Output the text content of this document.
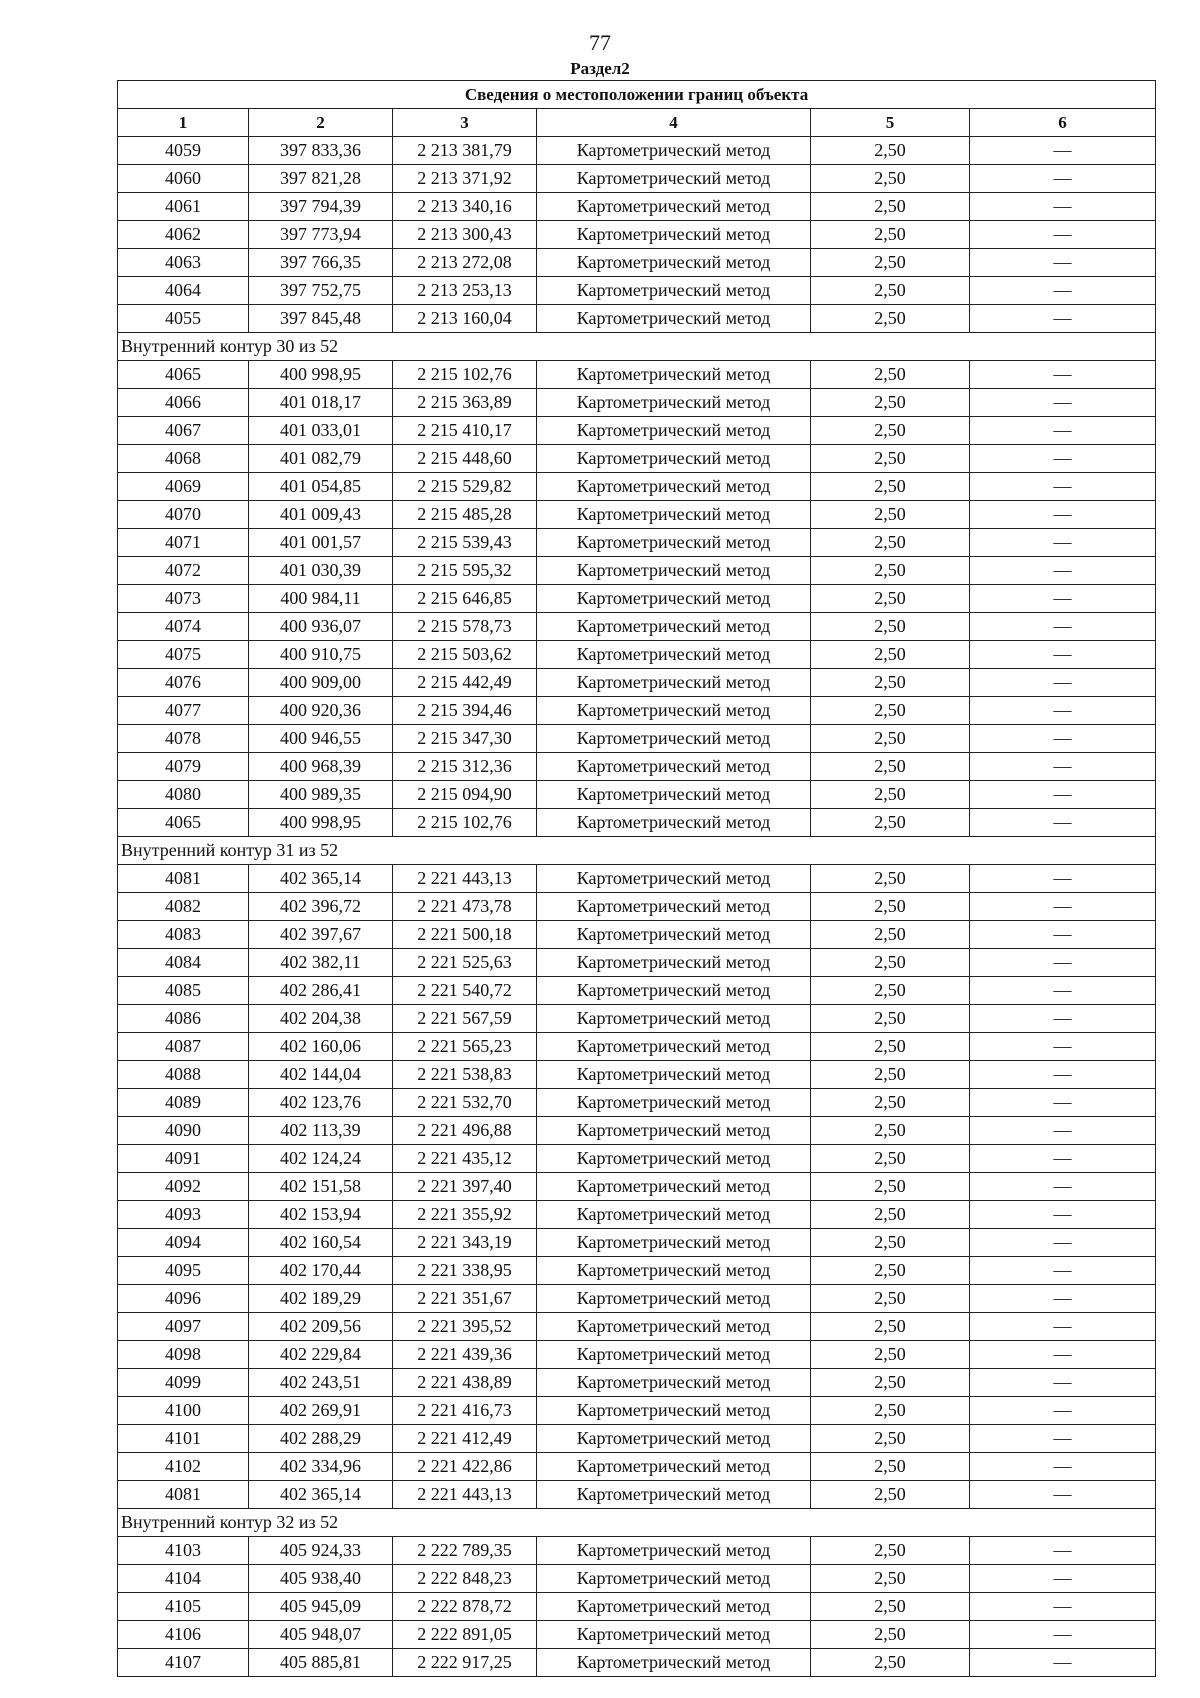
77
Раздел2
Сведения о местоположении границ объекта					
1	2	3	4	5	6
4059	397 833,36	2 213 381,79	Картометрический метод	2,50	—
4060	397 821,28	2 213 371,92	Картометрический метод	2,50	—
4061	397 794,39	2 213 340,16	Картометрический метод	2,50	—
4062	397 773,94	2 213 300,43	Картометрический метод	2,50	—
4063	397 766,35	2 213 272,08	Картометрический метод	2,50	—
4064	397 752,75	2 213 253,13	Картометрический метод	2,50	—
4055	397 845,48	2 213 160,04	Картометрический метод	2,50	—
Внутренний контур 30 из 52					
4065	400 998,95	2 215 102,76	Картометрический метод	2,50	—
4066	401 018,17	2 215 363,89	Картометрический метод	2,50	—
4067	401 033,01	2 215 410,17	Картометрический метод	2,50	—
4068	401 082,79	2 215 448,60	Картометрический метод	2,50	—
4069	401 054,85	2 215 529,82	Картометрический метод	2,50	—
4070	401 009,43	2 215 485,28	Картометрический метод	2,50	—
4071	401 001,57	2 215 539,43	Картометрический метод	2,50	—
4072	401 030,39	2 215 595,32	Картометрический метод	2,50	—
4073	400 984,11	2 215 646,85	Картометрический метод	2,50	—
4074	400 936,07	2 215 578,73	Картометрический метод	2,50	—
4075	400 910,75	2 215 503,62	Картометрический метод	2,50	—
4076	400 909,00	2 215 442,49	Картометрический метод	2,50	—
4077	400 920,36	2 215 394,46	Картометрический метод	2,50	—
4078	400 946,55	2 215 347,30	Картометрический метод	2,50	—
4079	400 968,39	2 215 312,36	Картометрический метод	2,50	—
4080	400 989,35	2 215 094,90	Картометрический метод	2,50	—
4065	400 998,95	2 215 102,76	Картометрический метод	2,50	—
Внутренний контур 31 из 52					
4081	402 365,14	2 221 443,13	Картометрический метод	2,50	—
4082	402 396,72	2 221 473,78	Картометрический метод	2,50	—
4083	402 397,67	2 221 500,18	Картометрический метод	2,50	—
4084	402 382,11	2 221 525,63	Картометрический метод	2,50	—
4085	402 286,41	2 221 540,72	Картометрический метод	2,50	—
4086	402 204,38	2 221 567,59	Картометрический метод	2,50	—
4087	402 160,06	2 221 565,23	Картометрический метод	2,50	—
4088	402 144,04	2 221 538,83	Картометрический метод	2,50	—
4089	402 123,76	2 221 532,70	Картометрический метод	2,50	—
4090	402 113,39	2 221 496,88	Картометрический метод	2,50	—
4091	402 124,24	2 221 435,12	Картометрический метод	2,50	—
4092	402 151,58	2 221 397,40	Картометрический метод	2,50	—
4093	402 153,94	2 221 355,92	Картометрический метод	2,50	—
4094	402 160,54	2 221 343,19	Картометрический метод	2,50	—
4095	402 170,44	2 221 338,95	Картометрический метод	2,50	—
4096	402 189,29	2 221 351,67	Картометрический метод	2,50	—
4097	402 209,56	2 221 395,52	Картометрический метод	2,50	—
4098	402 229,84	2 221 439,36	Картометрический метод	2,50	—
4099	402 243,51	2 221 438,89	Картометрический метод	2,50	—
4100	402 269,91	2 221 416,73	Картометрический метод	2,50	—
4101	402 288,29	2 221 412,49	Картометрический метод	2,50	—
4102	402 334,96	2 221 422,86	Картометрический метод	2,50	—
4081	402 365,14	2 221 443,13	Картометрический метод	2,50	—
Внутренний контур 32 из 52					
4103	405 924,33	2 222 789,35	Картометрический метод	2,50	—
4104	405 938,40	2 222 848,23	Картометрический метод	2,50	—
4105	405 945,09	2 222 878,72	Картометрический метод	2,50	—
4106	405 948,07	2 222 891,05	Картометрический метод	2,50	—
4107	405 885,81	2 222 917,25	Картометрический метод	2,50	—
